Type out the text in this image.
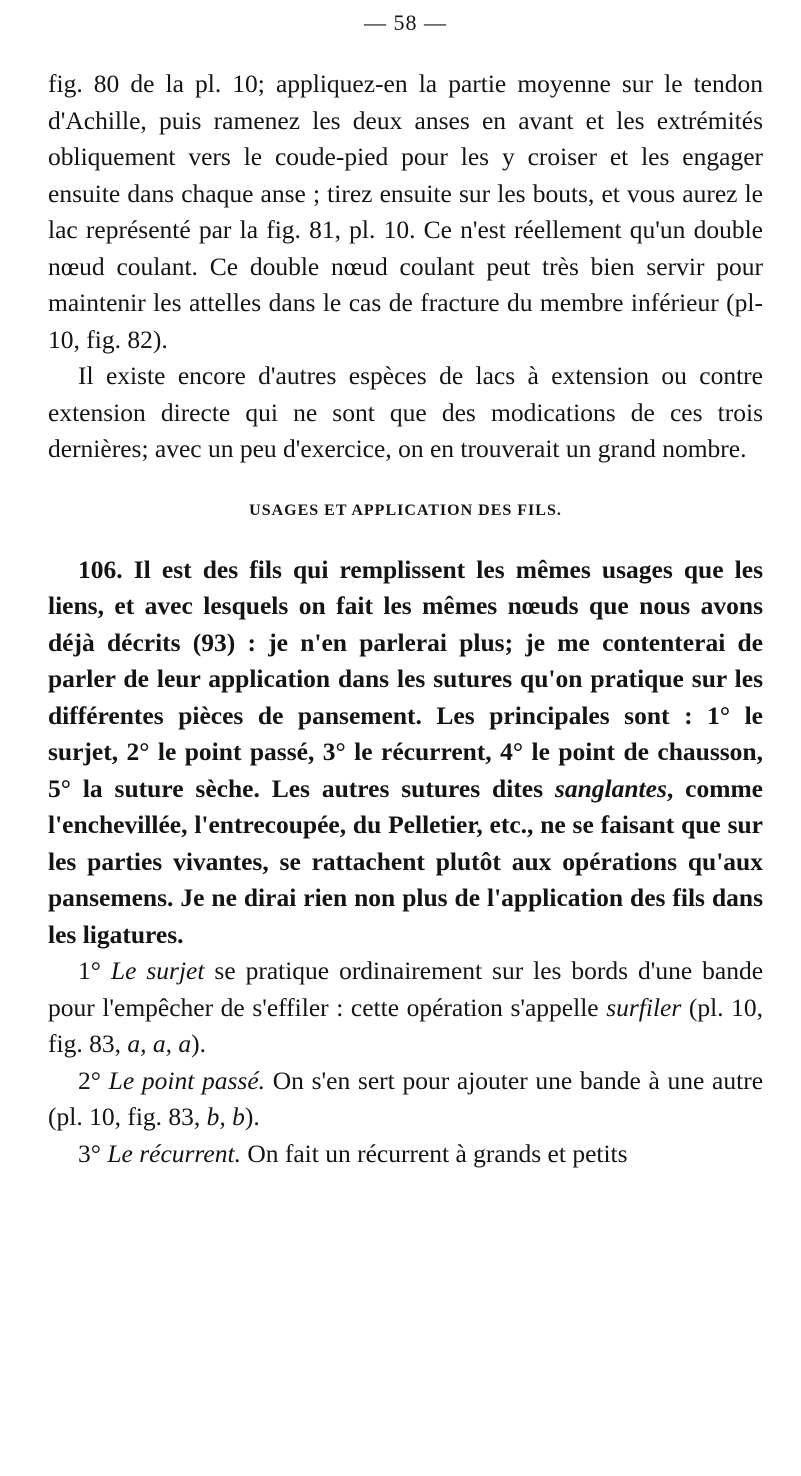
— 58 —

fig. 80 de la pl. 10; appliquez-en la partie moyenne sur le tendon d'Achille, puis ramenez les deux anses en avant et les extrémités obliquement vers le coude-pied pour les y croiser et les engager ensuite dans chaque anse ; tirez ensuite sur les bouts, et vous aurez le lac représenté par la fig. 81, pl. 10. Ce n'est réellement qu'un double nœud coulant. Ce double nœud coulant peut très bien servir pour maintenir les attelles dans le cas de fracture du membre inférieur (pl- 10, fig. 82).

Il existe encore d'autres espèces de lacs à extension ou contre extension directe qui ne sont que des modications de ces trois dernières; avec un peu d'exercice, on en trouverait un grand nombre.

USAGES ET APPLICATION DES FILS.

106. Il est des fils qui remplissent les mêmes usages que les liens, et avec lesquels on fait les mêmes nœuds que nous avons déjà décrits (93) : je n'en parlerai plus; je me contenterai de parler de leur application dans les sutures qu'on pratique sur les différentes pièces de pansement. Les principales sont : 1° le surjet, 2° le point passé, 3° le récurrent, 4° le point de chausson, 5° la suture sèche. Les autres sutures dites sanglantes, comme l'enchevillée, l'entrecoupée, du Pelletier, etc., ne se faisant que sur les parties vivantes, se rattachent plutôt aux opérations qu'aux pansemens. Je ne dirai rien non plus de l'application des fils dans les ligatures.

1° Le surjet se pratique ordinairement sur les bords d'une bande pour l'empêcher de s'effiler : cette opération s'appelle surfiler (pl. 10, fig. 83, a, a, a).

2° Le point passé. On s'en sert pour ajouter une bande à une autre (pl. 10, fig. 83, b, b).

3° Le récurrent. On fait un récurrent à grands et petits
